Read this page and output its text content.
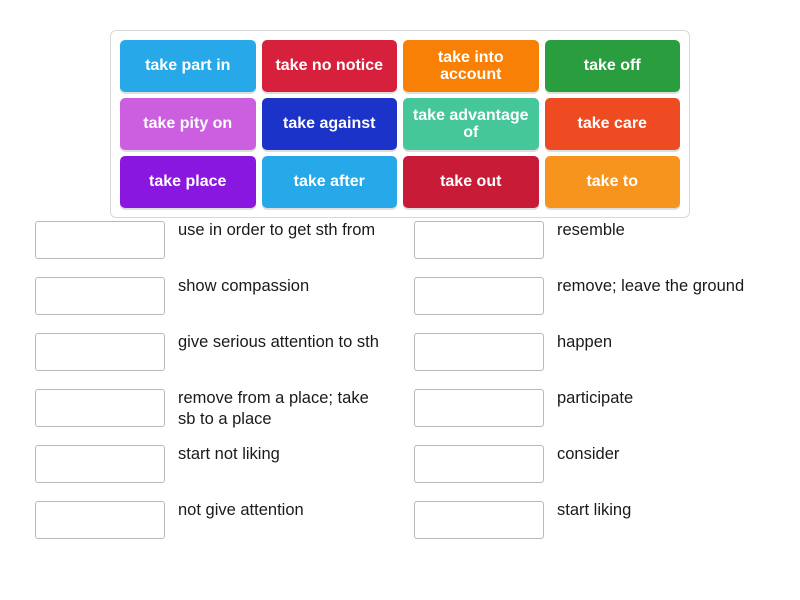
take part in	take no notice
take into account
take off
take pity on	take against
take advantage of
take care
take place	take after	take out	take to
use in order to get sth from
show compassion
give serious attention to sth
remove from a place; take sb to a place
start not liking
not give attention
resemble
remove; leave the ground
happen
participate
consider
start liking
